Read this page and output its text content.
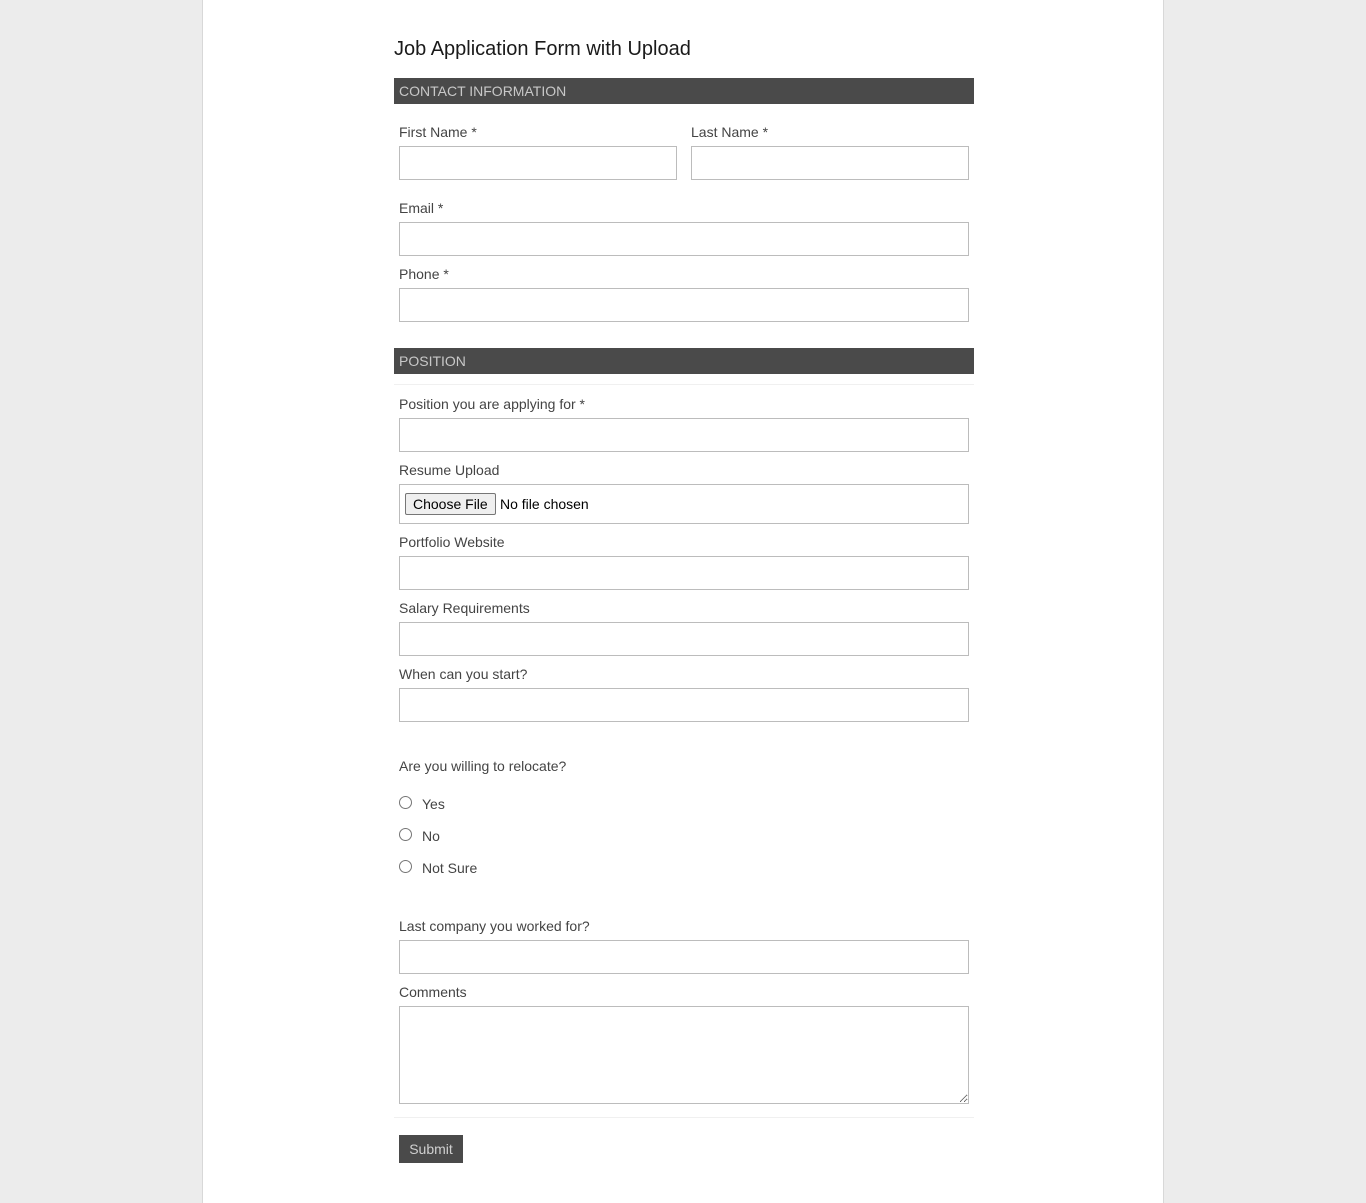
Job Application Form with Upload
CONTACT INFORMATION
First Name *	Last Name *
Email *
Phone *
POSITION
Position you are applying for *
Resume Upload
Choose File No file chosen
Portfolio Website
Salary Requirements
When can you start?
Are you willing to relocate?
Yes
No
Not Sure
Last company you worked for?
Comments
Submit
